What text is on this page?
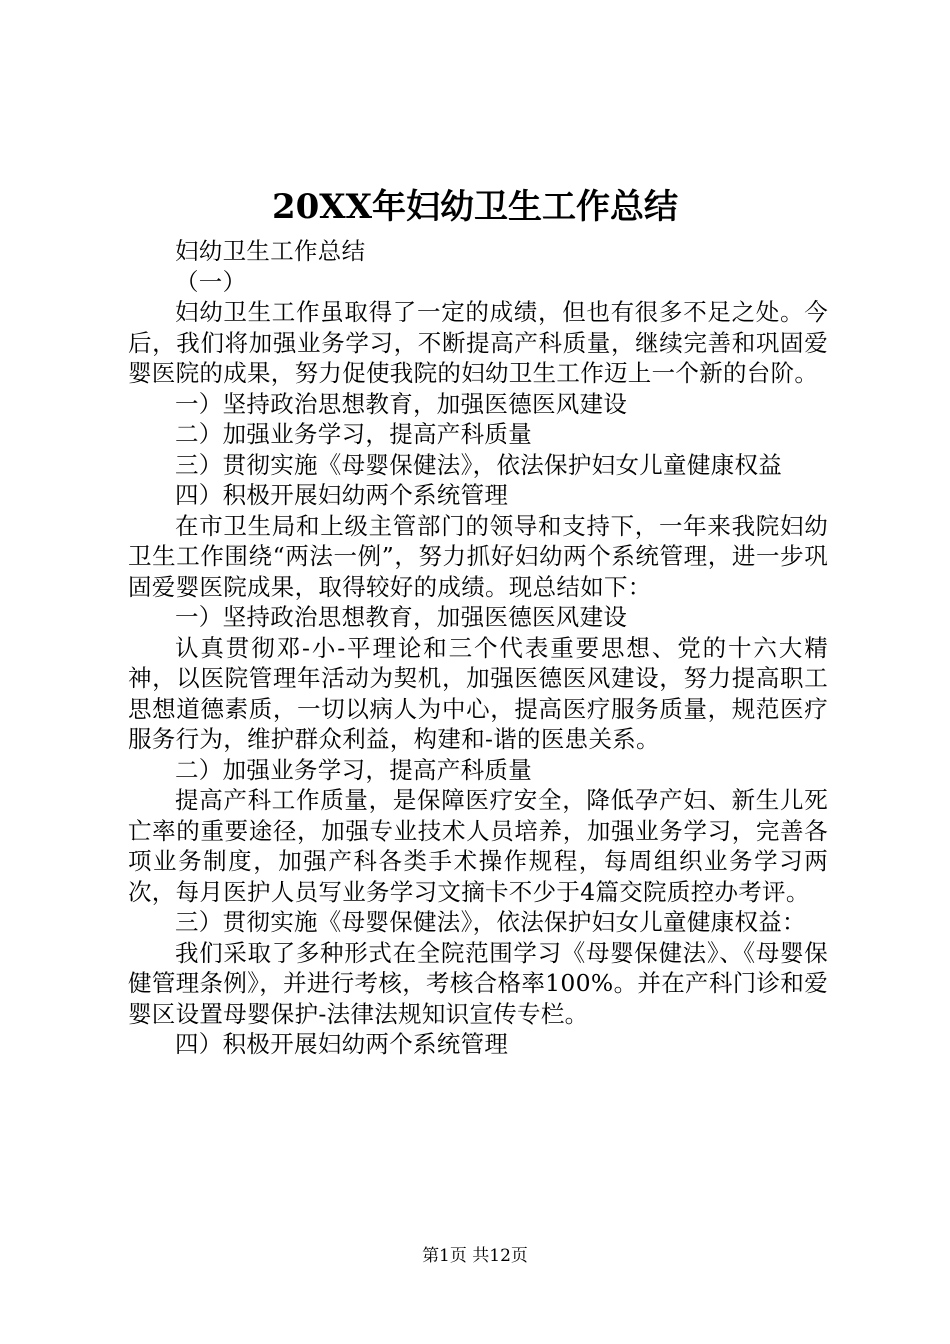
20XX年妇幼卫生工作总结

妇幼卫生工作总结

（一）

妇幼卫生工作虽取得了一定的成绩，但也有很多不足之处。今后，我们将加强业务学习，不断提高产科质量，继续完善和巩固爱婴医院的成果，努力促使我院的妇幼卫生工作迈上一个新的台阶。

一）坚持政治思想教育，加强医德医风建设

二）加强业务学习，提高产科质量

三）贯彻实施《母婴保健法》，依法保护妇女儿童健康权益

四）积极开展妇幼两个系统管理

在市卫生局和上级主管部门的领导和支持下，一年来我院妇幼卫生工作围绕“两法一例”，努力抓好妇幼两个系统管理，进一步巩固爱婴医院成果，取得较好的成绩。现总结如下：

一）坚持政治思想教育，加强医德医风建设

认真贯彻邓-小-平理论和三个代表重要思想、党的十六大精神，以医院管理年活动为契机，加强医德医风建设，努力提高职工思想道德素质，一切以病人为中心，提高医疗服务质量，规范医疗服务行为，维护群众利益，构建和-谐的医患关系。

二）加强业务学习，提高产科质量

提高产科工作质量，是保障医疗安全，降低孕产妇、新生儿死亡率的重要途径，加强专业技术人员培养，加强业务学习，完善各项业务制度，加强产科各类手术操作规程，每周组织业务学习两次，每月医护人员写业务学习文摘卡不少于4篇交院质控办考评。

三）贯彻实施《母婴保健法》，依法保护妇女儿童健康权益：

我们采取了多种形式在全院范围学习《母婴保健法》、《母婴保健管理条例》，并进行考核，考核合格率100%。并在产科门诊和爱婴区设置母婴保护-法律法规知识宣传专栏。

四）积极开展妇幼两个系统管理

第1页 共12页
